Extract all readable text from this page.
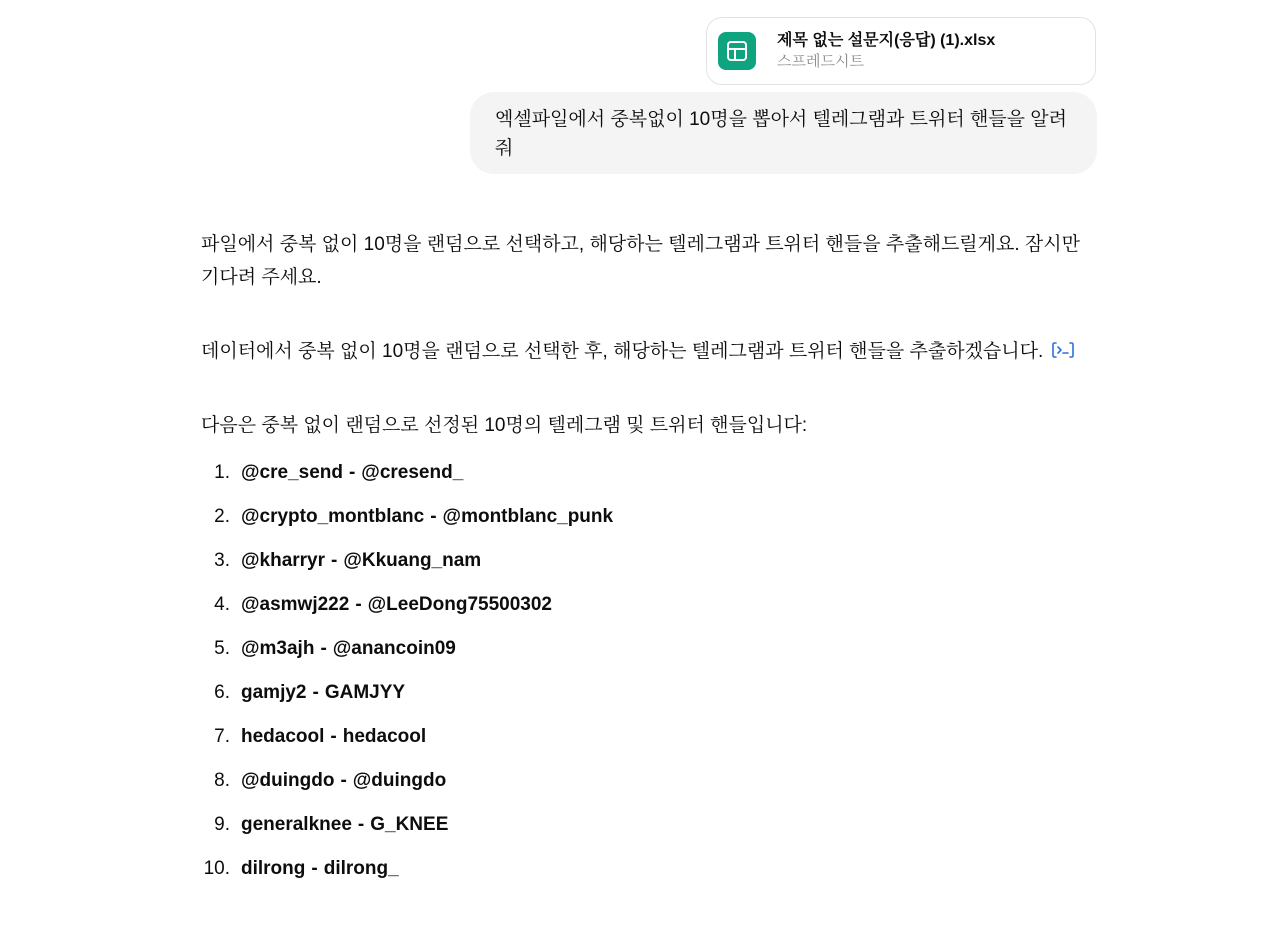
제목 없는 설문지(응답) (1).xlsx
스프레드시트
엑셀파일에서 중복없이 10명을 뽑아서 텔레그램과 트위터 핸들을 알려줘

파일에서 중복 없이 10명을 랜덤으로 선택하고, 해당하는 텔레그램과 트위터 핸들을 추출해드릴게요. 잠시만 기다려 주세요.

데이터에서 중복 없이 10명을 랜덤으로 선택한 후, 해당하는 텔레그램과 트위터 핸들을 추출하겠습니다.

다음은 중복 없이 랜덤으로 선정된 10명의 텔레그램 및 트위터 핸들입니다:

1. @cre_send - @cresend_
2. @crypto_montblanc - @montblanc_punk
3. @kharryr - @Kkuang_nam
4. @asmwj222 - @LeeDong75500302
5. @m3ajh - @anancoin09
6. gamjy2 - GAMJYY
7. hedacool - hedacool
8. @duingdo - @duingdo
9. generalknee - G_KNEE
10. dilrong - dilrong_
